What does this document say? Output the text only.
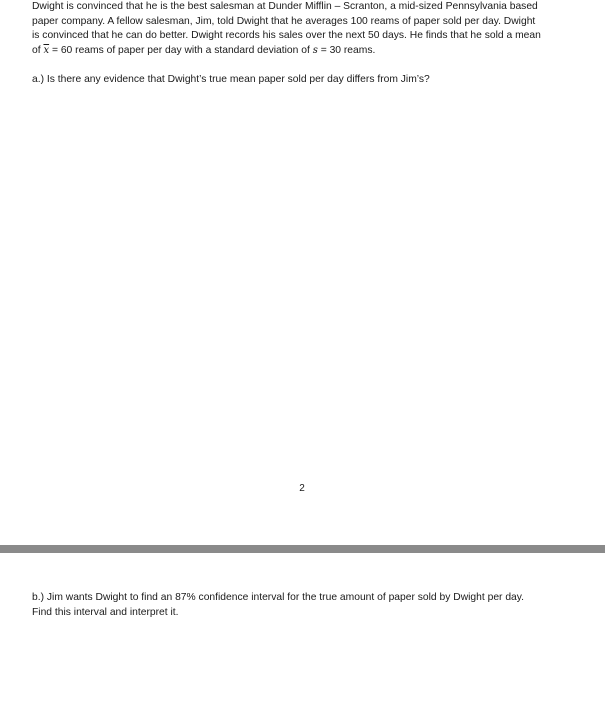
Dwight is convinced that he is the best salesman at Dunder Mifflin – Scranton, a mid-sized Pennsylvania based
paper company. A fellow salesman, Jim, told Dwight that he averages 100 reams of paper sold per day. Dwight
is convinced that he can do better. Dwight records his sales over the next 50 days. He finds that he sold a mean
of $\overline{x} = 60$ reams of paper per day with a standard deviation of s = 30 reams.
a.) Is there any evidence that Dwight’s true mean paper sold per day differs from Jim’s?
2
b.) Jim wants Dwight to find an 87% confidence interval for the true amount of paper sold by Dwight per day.
Find this interval and interpret it.
